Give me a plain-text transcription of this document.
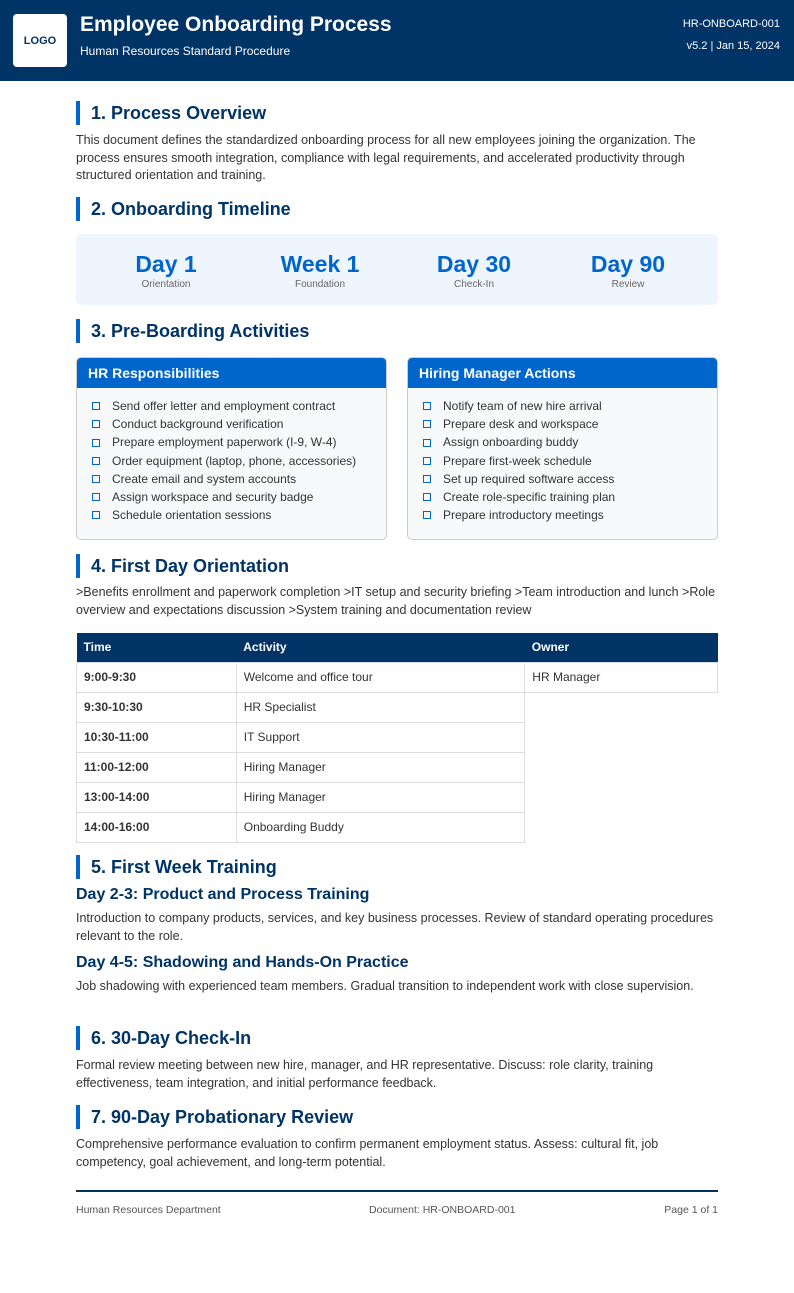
LOGO
Employee Onboarding Process
Human Resources Standard Procedure
HR-ONBOARD-001
v5.2 | Jan 15, 2024
1. Process Overview
This document defines the standardized onboarding process for all new employees joining the organization. The process ensures smooth integration, compliance with legal requirements, and accelerated productivity through structured orientation and training.
2. Onboarding Timeline
Day 1
Orientation
Week 1
Foundation
Day 30
Check-In
Day 90
Review
3. Pre-Boarding Activities
HR Responsibilities
Send offer letter and employment contract
Conduct background verification
Prepare employment paperwork (I-9, W-4)
Order equipment (laptop, phone, accessories)
Create email and system accounts
Assign workspace and security badge
Schedule orientation sessions
Hiring Manager Actions
Notify team of new hire arrival
Prepare desk and workspace
Assign onboarding buddy
Prepare first-week schedule
Set up required software access
Create role-specific training plan
Prepare introductory meetings
4. First Day Orientation
>Benefits enrollment and paperwork completion >IT setup and security briefing >Team introduction and lunch >Role overview and expectations discussion >System training and documentation review
Time	Activity	Owner
9:00-9:30	Welcome and office tour	HR Manager
9:30-10:30	HR Specialist	
10:30-11:00	IT Support	
11:00-12:00	Hiring Manager	
13:00-14:00	Hiring Manager	
14:00-16:00	Onboarding Buddy	
5. First Week Training
Day 2-3: Product and Process Training
Introduction to company products, services, and key business processes. Review of standard operating procedures relevant to the role.
Day 4-5: Shadowing and Hands-On Practice
Job shadowing with experienced team members. Gradual transition to independent work with close supervision.
6. 30-Day Check-In
Formal review meeting between new hire, manager, and HR representative. Discuss: role clarity, training effectiveness, team integration, and initial performance feedback.
7. 90-Day Probationary Review
Comprehensive performance evaluation to confirm permanent employment status. Assess: cultural fit, job competency, goal achievement, and long-term potential.
Human Resources Department	Document: HR-ONBOARD-001	Page 1 of 1
